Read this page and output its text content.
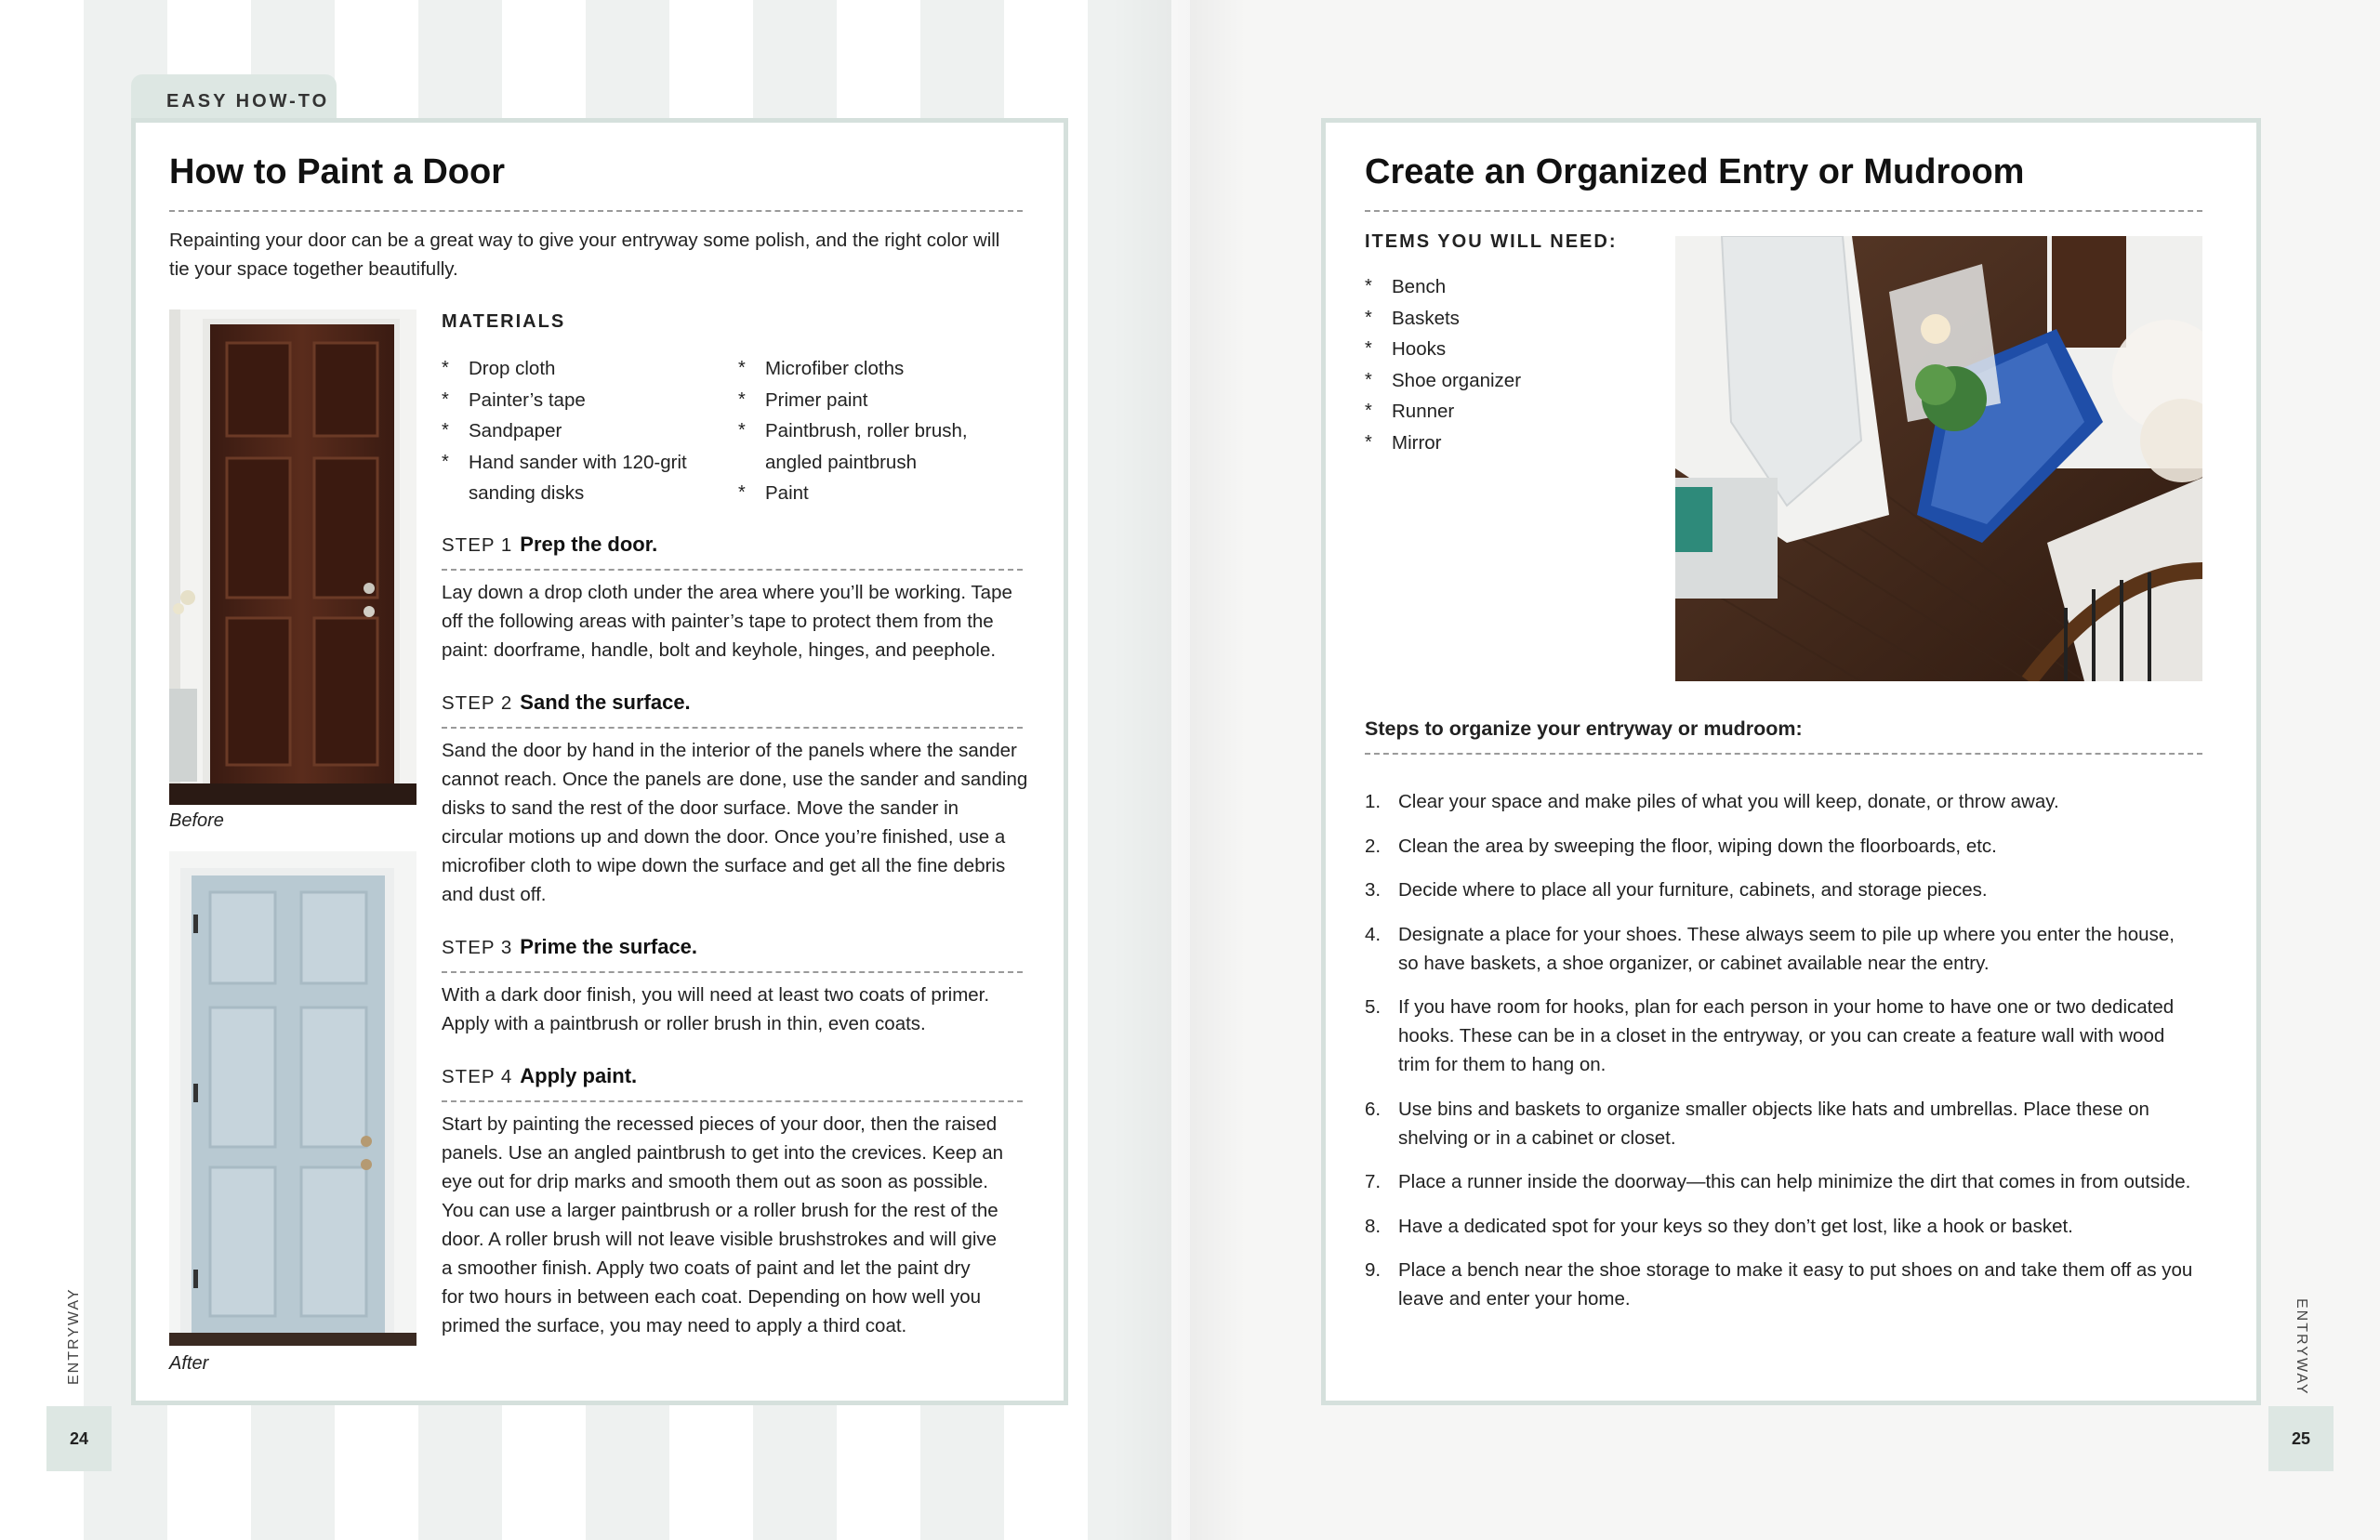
EASY HOW-TO
How to Paint a Door
Repainting your door can be a great way to give your entryway some polish, and the right color will
tie your space together beautifully.
Before
After
MATERIALS
* Drop cloth
* Painter’s tape
* Sandpaper
* Hand sander with 120-grit
sanding disks
* Microfiber cloths
* Primer paint
* Paintbrush, roller brush,
angled paintbrush
* Paint
STEP 1 Prep the door.
Lay down a drop cloth under the area where you’ll be working. Tape
off the following areas with painter’s tape to protect them from the
paint: doorframe, handle, bolt and keyhole, hinges, and peephole.
STEP 2 Sand the surface.
Sand the door by hand in the interior of the panels where the sander
cannot reach. Once the panels are done, use the sander and sanding
disks to sand the rest of the door surface. Move the sander in
circular motions up and down the door. Once you’re finished, use a
microfiber cloth to wipe down the surface and get all the fine debris
and dust off.
STEP 3 Prime the surface.
With a dark door finish, you will need at least two coats of primer.
Apply with a paintbrush or roller brush in thin, even coats.
STEP 4 Apply paint.
Start by painting the recessed pieces of your door, then the raised
panels. Use an angled paintbrush to get into the crevices. Keep an
eye out for drip marks and smooth them out as soon as possible.
You can use a larger paintbrush or a roller brush for the rest of the
door. A roller brush will not leave visible brushstrokes and will give
a smoother finish. Apply two coats of paint and let the paint dry
for two hours in between each coat. Depending on how well you
primed the surface, you may need to apply a third coat.
ENTRYWAY
24
Create an Organized Entry or Mudroom
ITEMS YOU WILL NEED:
* Bench
* Baskets
* Hooks
* Shoe organizer
* Runner
* Mirror
Steps to organize your entryway or mudroom:
1. Clear your space and make piles of what you will keep, donate, or throw away.
2. Clean the area by sweeping the floor, wiping down the floorboards, etc.
3. Decide where to place all your furniture, cabinets, and storage pieces.
4. Designate a place for your shoes. These always seem to pile up where you enter the house,
so have baskets, a shoe organizer, or cabinet available near the entry.
5. If you have room for hooks, plan for each person in your home to have one or two dedicated
hooks. These can be in a closet in the entryway, or you can create a feature wall with wood
trim for them to hang on.
6. Use bins and baskets to organize smaller objects like hats and umbrellas. Place these on
shelving or in a cabinet or closet.
7. Place a runner inside the doorway—this can help minimize the dirt that comes in from outside.
8. Have a dedicated spot for your keys so they don’t get lost, like a hook or basket.
9. Place a bench near the shoe storage to make it easy to put shoes on and take them off as you
leave and enter your home.	ENTRYWAY
25
